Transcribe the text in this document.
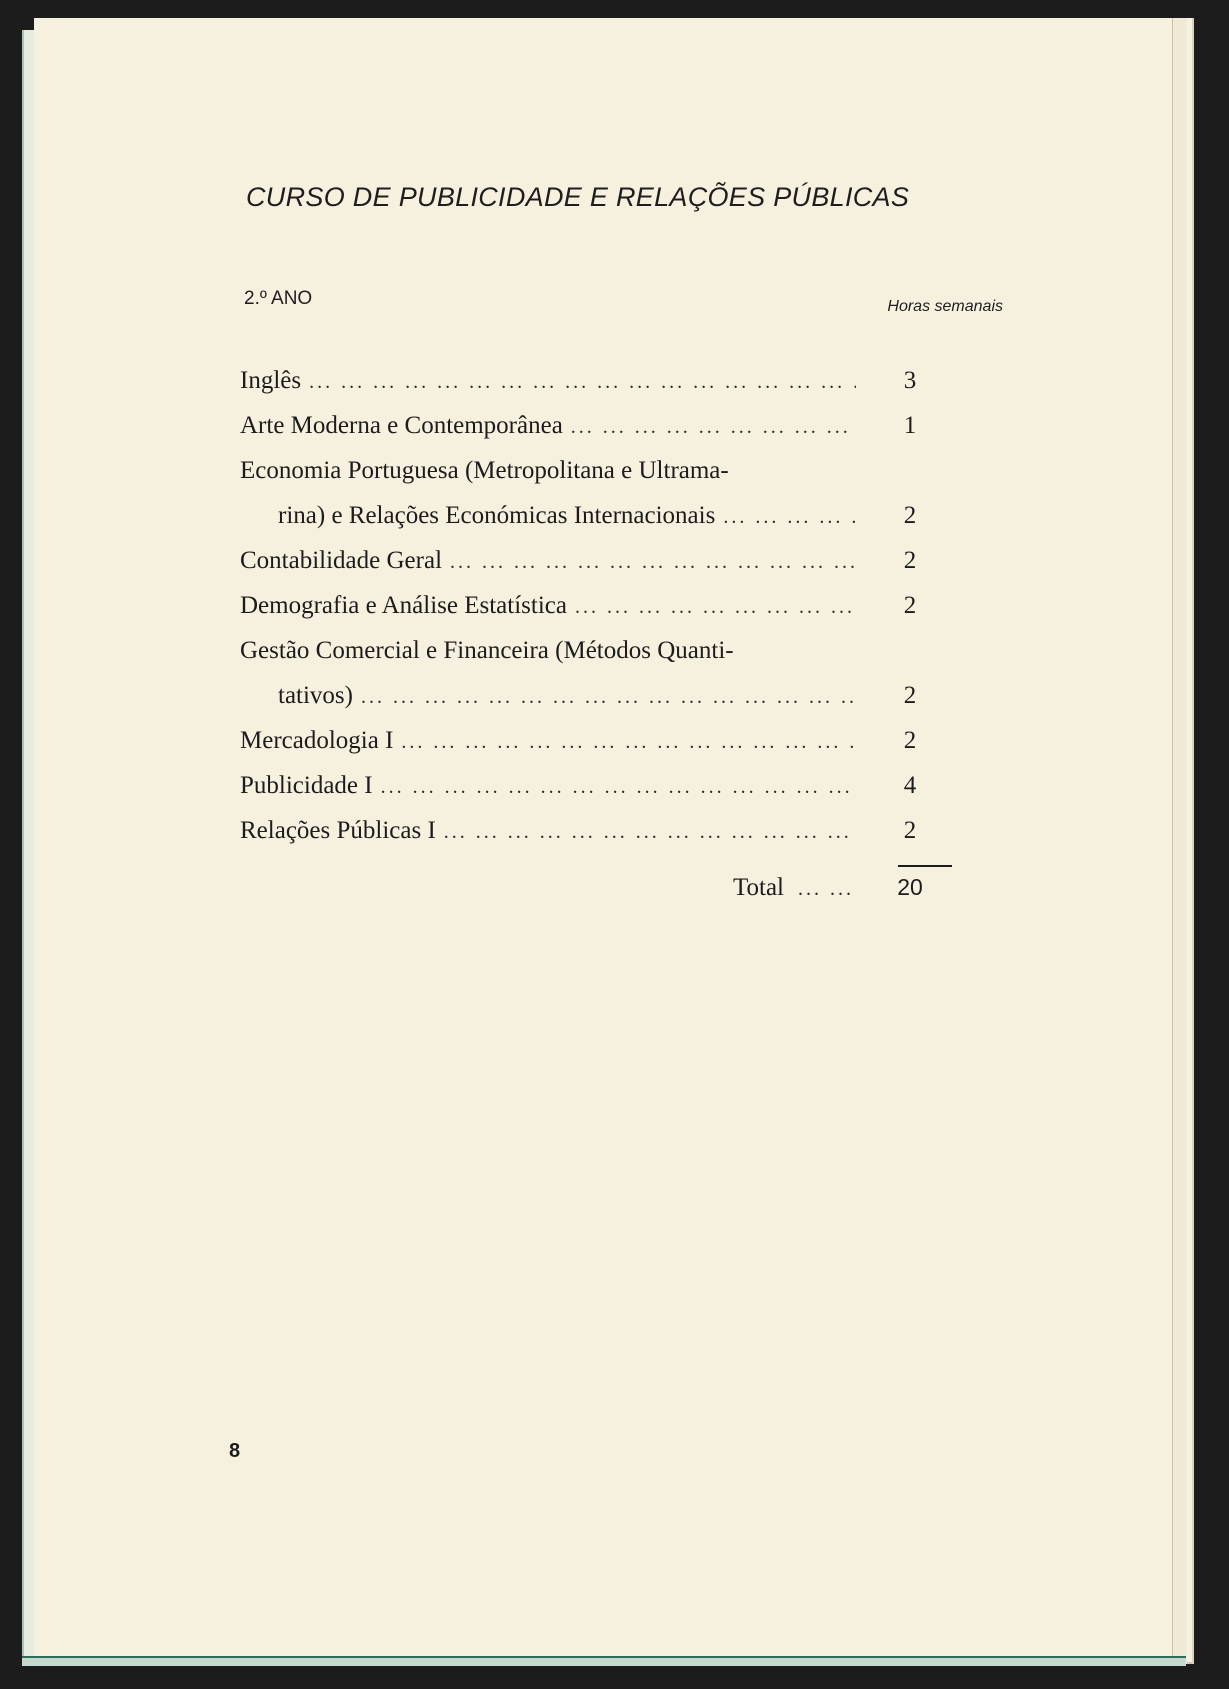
CURSO DE PUBLICIDADE E RELAÇÕES PÚBLICAS
2.º ANO	Horas semanais
Inglês ... .	3
Arte Moderna e Contemporânea ... .	1
Economia Portuguesa (Metropolitana e Ultrama-
rina) e Relações Económicas Internacionais ... .	2
Contabilidade Geral ... .	2
Demografia e Análise Estatística ... .	2
Gestão Comercial e Financeira (Métodos Quanti-
tativos) ... .	2
Mercadologia I ... .	2
Publicidade I ... .	4
Relações Públicas I ... .	2
Total ... ...	20
8
